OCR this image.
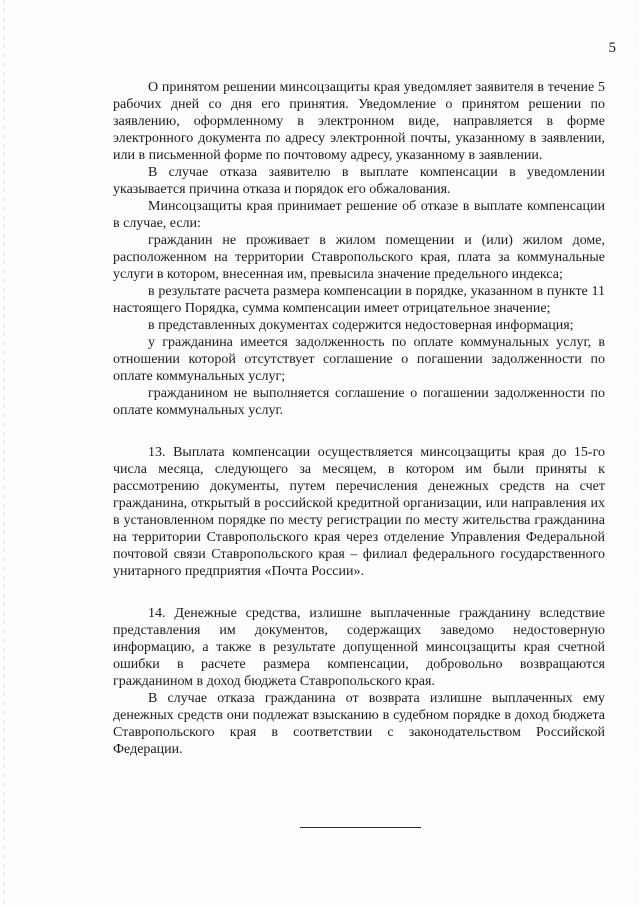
5

О принятом решении минсоцзащиты края уведомляет заявителя в течение 5 рабочих дней со дня его принятия. Уведомление о принятом решении по заявлению, оформленному в электронном виде, направляется в форме электронного документа по адресу электронной почты, указанному в заявлении, или в письменной форме по почтовому адресу, указанному в заявлении.

В случае отказа заявителю в выплате компенсации в уведомлении указывается причина отказа и порядок его обжалования.

Минсоцзащиты края принимает решение об отказе в выплате компенсации в случае, если:

гражданин не проживает в жилом помещении и (или) жилом доме, расположенном на территории Ставропольского края, плата за коммунальные услуги в котором, внесенная им, превысила значение предельного индекса;

в результате расчета размера компенсации в порядке, указанном в пункте 11 настоящего Порядка, сумма компенсации имеет отрицательное значение;

в представленных документах содержится недостоверная информация;

у гражданина имеется задолженность по оплате коммунальных услуг, в отношении которой отсутствует соглашение о погашении задолженности по оплате коммунальных услуг;

гражданином не выполняется соглашение о погашении задолженности по оплате коммунальных услуг.

13. Выплата компенсации осуществляется минсоцзащиты края до 15-го числа месяца, следующего за месяцем, в котором им были приняты к рассмотрению документы, путем перечисления денежных средств на счет гражданина, открытый в российской кредитной организации, или направления их в установленном порядке по месту регистрации по месту жительства гражданина на территории Ставропольского края через отделение Управления Федеральной почтовой связи Ставропольского края – филиал федерального государственного унитарного предприятия «Почта России».

14. Денежные средства, излишне выплаченные гражданину вследствие представления им документов, содержащих заведомо недостоверную информацию, а также в результате допущенной минсоцзащиты края счетной ошибки в расчете размера компенсации, добровольно возвращаются гражданином в доход бюджета Ставропольского края.

В случае отказа гражданина от возврата излишне выплаченных ему денежных средств они подлежат взысканию в судебном порядке в доход бюджета Ставропольского края в соответствии с законодательством Российской Федерации.
